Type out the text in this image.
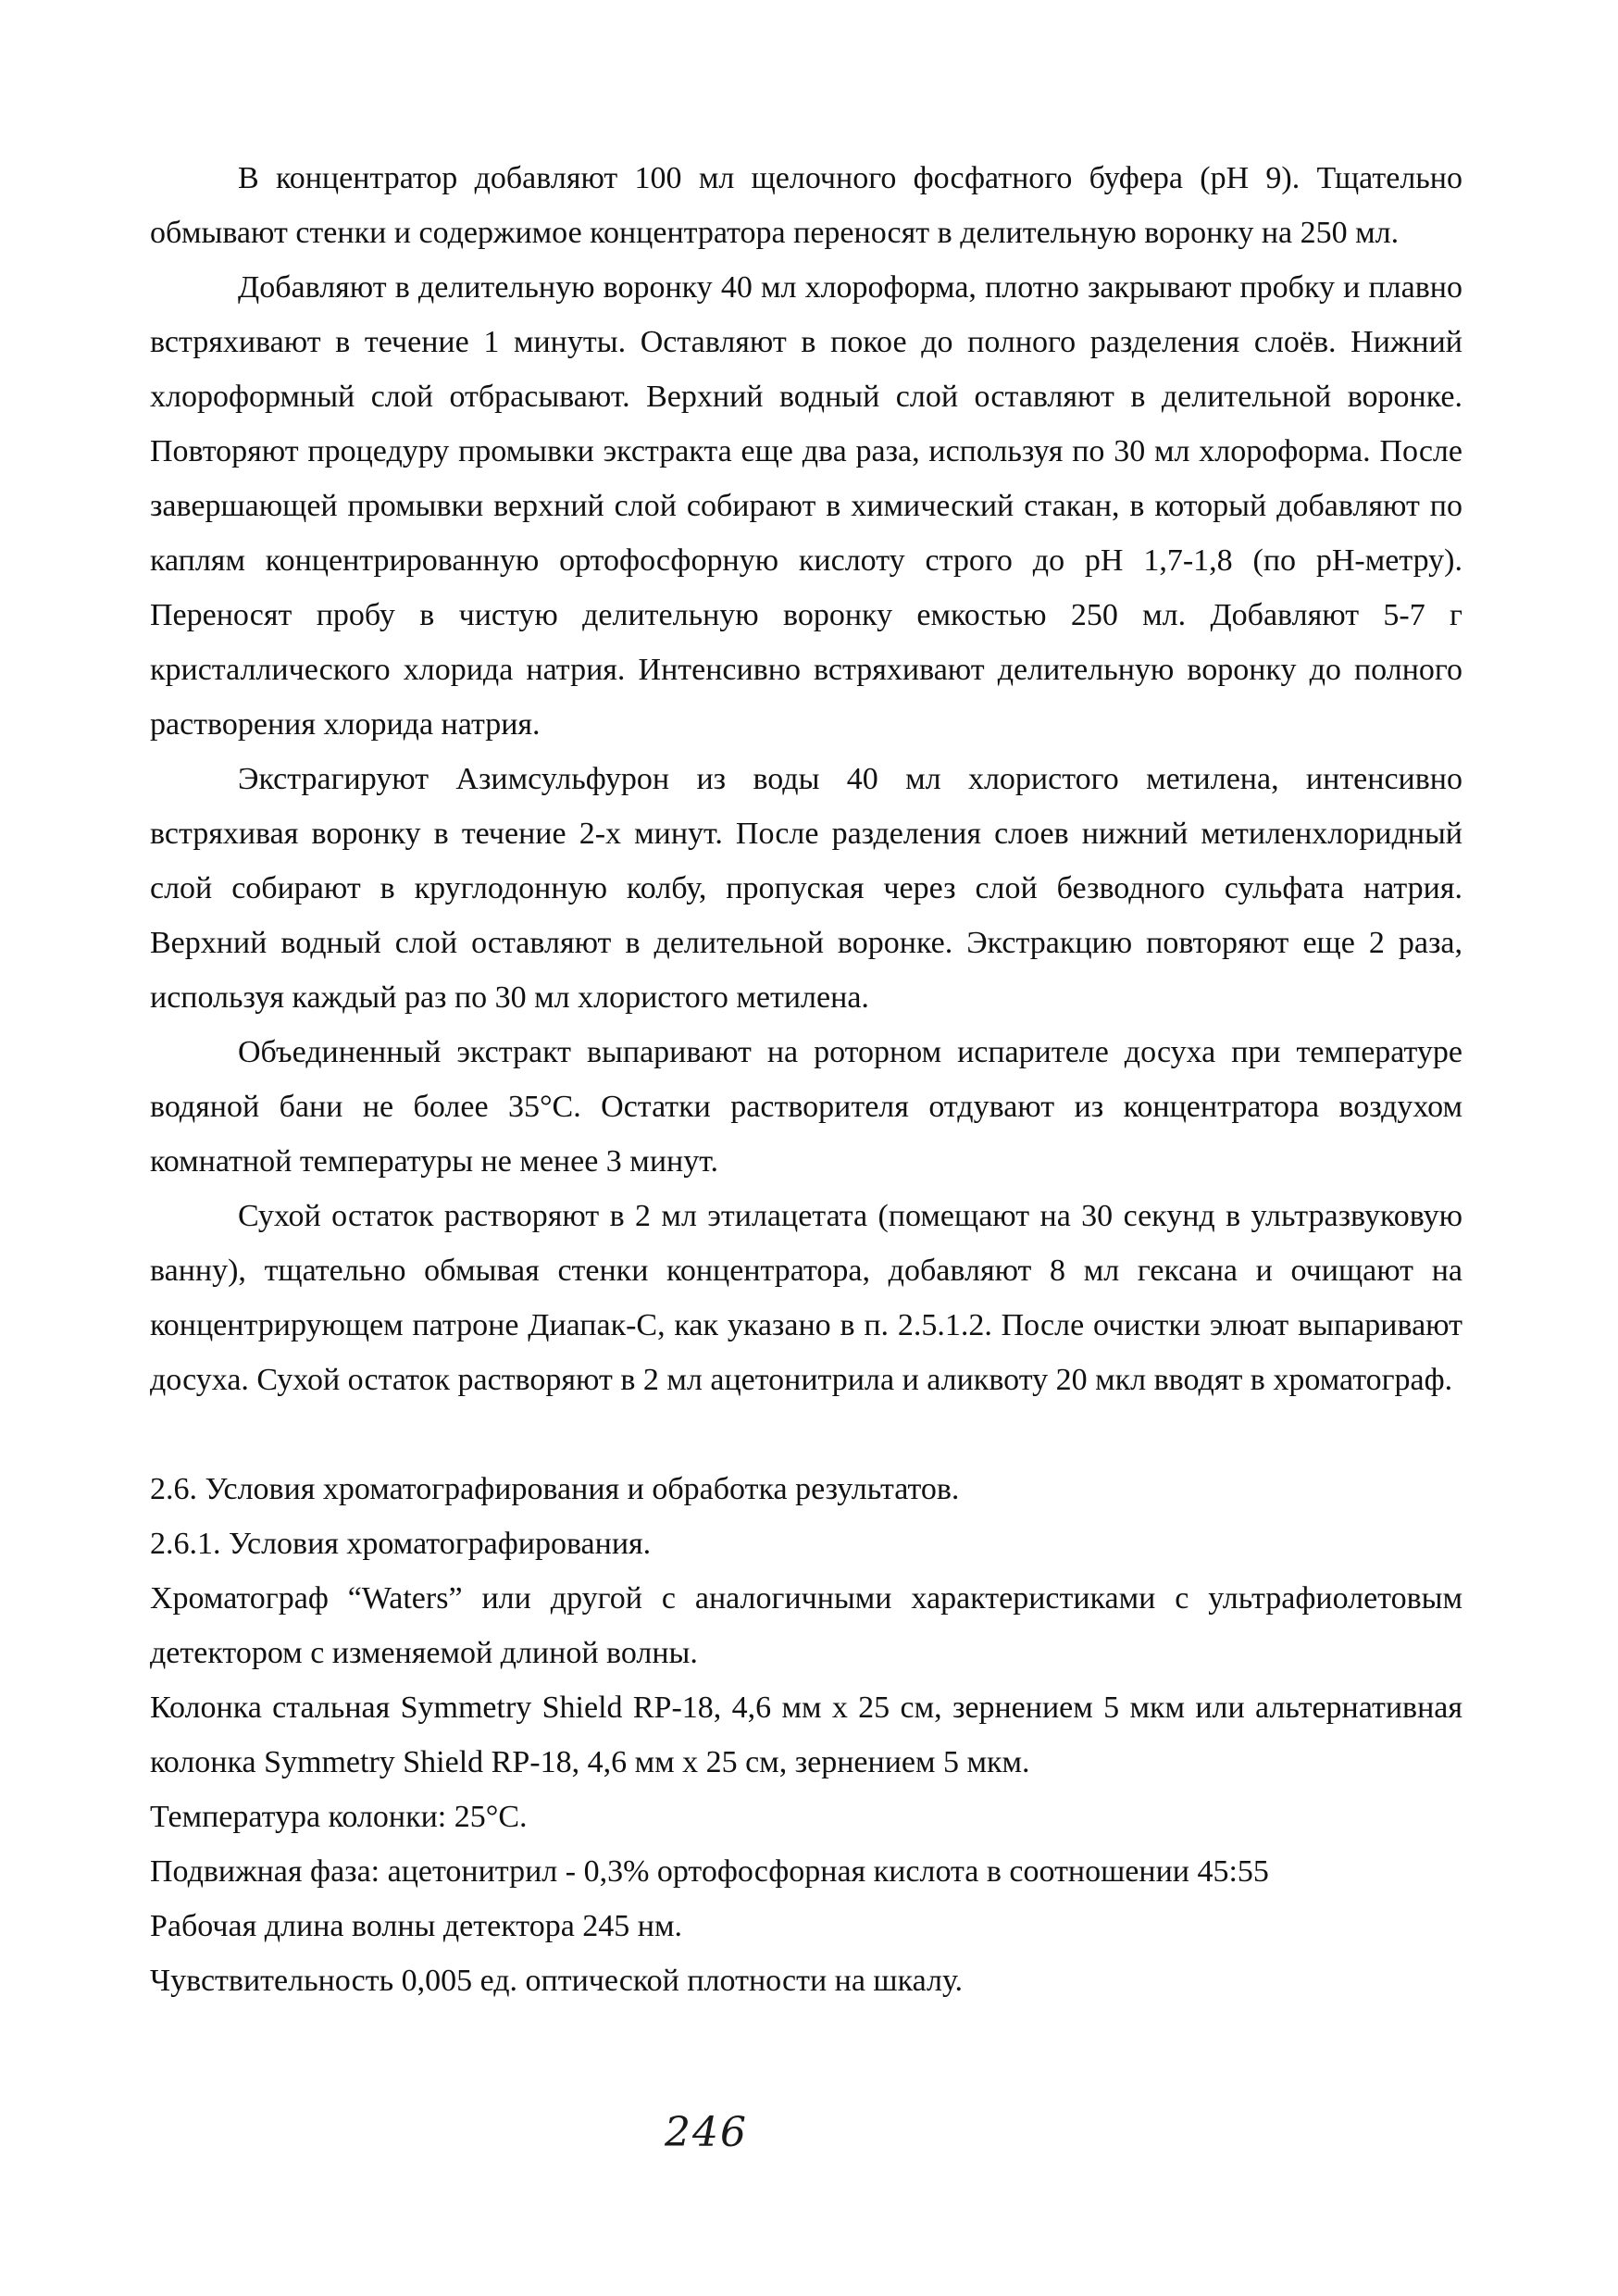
В концентратор добавляют 100 мл щелочного фосфатного буфера (рН 9). Тщательно обмывают стенки и содержимое концентратора переносят в делительную воронку на 250 мл.

Добавляют в делительную воронку 40 мл хлороформа, плотно закрывают пробку и плавно встряхивают в течение 1 минуты. Оставляют в покое до полного разделения слоёв. Нижний хлороформный слой отбрасывают. Верхний водный слой оставляют в делительной воронке. Повторяют процедуру промывки экстракта еще два раза, используя по 30 мл хлороформа. После завершающей промывки верхний слой собирают в химический стакан, в который добавляют по каплям концентрированную ортофосфорную кислоту строго до рН 1,7-1,8 (по рН-метру). Переносят пробу в чистую делительную воронку емкостью 250 мл. Добавляют 5-7 г кристаллического хлорида натрия. Интенсивно встряхивают делительную воронку до полного растворения хлорида натрия.

Экстрагируют Азимсульфурон из воды 40 мл хлористого метилена, интенсивно встряхивая воронку в течение 2-х минут. После разделения слоев нижний метиленхлоридный слой собирают в круглодонную колбу, пропуская через слой безводного сульфата натрия. Верхний водный слой оставляют в делительной воронке. Экстракцию повторяют еще 2 раза, используя каждый раз по 30 мл хлористого метилена.

Объединенный экстракт выпаривают на роторном испарителе досуха при температуре водяной бани не более 35°С. Остатки растворителя отдувают из концентратора воздухом комнатной температуры не менее 3 минут.

Сухой остаток растворяют в 2 мл этилацетата (помещают на 30 секунд в ультразвуковую ванну), тщательно обмывая стенки концентратора, добавляют 8 мл гексана и очищают на концентрирующем патроне Диапак-С, как указано в п. 2.5.1.2. После очистки элюат выпаривают досуха. Сухой остаток растворяют в 2 мл ацетонитрила и аликвоту 20 мкл вводят в хроматограф.

2.6. Условия хроматографирования и обработка результатов.

2.6.1. Условия хроматографирования.

Хроматограф “Waters” или другой с аналогичными характеристиками с ультрафиолетовым детектором с изменяемой длиной волны.

Колонка стальная Symmetry Shield RP-18, 4,6 мм х 25 см, зернением 5 мкм или альтернативная колонка Symmetry Shield RP-18, 4,6 мм х 25 см, зернением 5 мкм.

Температура колонки: 25°С.

Подвижная фаза: ацетонитрил - 0,3% ортофосфорная кислота в соотношении 45:55

Рабочая длина волны детектора 245 нм.

Чувствительность 0,005 ед. оптической плотности на шкалу.

246
